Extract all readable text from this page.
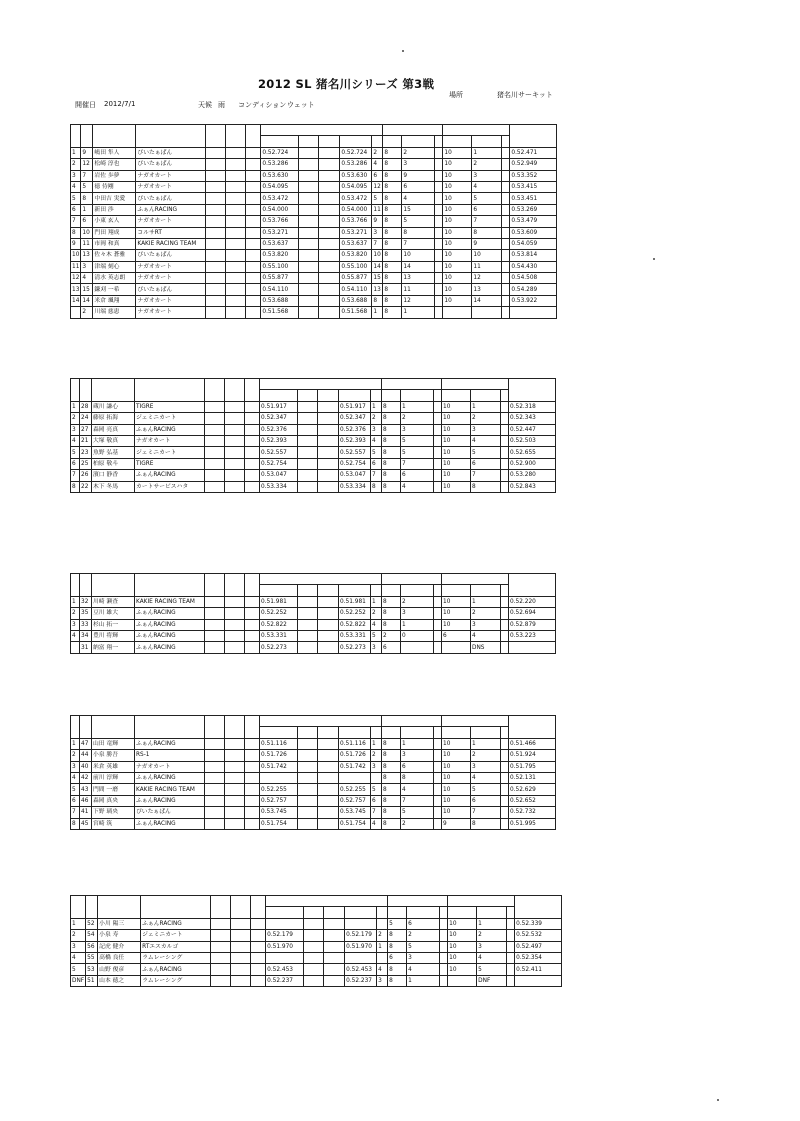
2012 SL 猪名川シリーズ 第3戦
場所	猪名川サーキット
開催日 2012/7/1	天候 雨 コンディション ウェット

1	9	嶋田 隼人	ぴいたぁぱん				0.52.724			0.52.724	2	8	2		10	1		0.52.471
2	12	松崎 淳也	ぴいたぁぱん				0.53.286			0.53.286	4	8	3		10	2		0.52.949
3	7	岩佐 歩夢	ナガオカート				0.53.630			0.53.630	6	8	9		10	3		0.53.352
4	5	徳 侍剛	ナガオカート				0.54.095			0.54.095	12	8	6		10	4		0.53.415
5	8	中田吉 実愛	ぴいたぁぱん				0.53.472			0.53.472	5	8	4		10	5		0.53.451
6	1	新田 渉	ふぁんRACING				0.54.000			0.54.000	11	8	15		10	6		0.53.269
7	6	小東 玄人	ナガオカート				0.53.766			0.53.766	9	8	5		10	7		0.53.479
8	10	門田 翔成	コルサRT				0.53.271			0.53.271	3	8	8		10	8		0.53.609
9	11	市岡 和真	KAKIE RACING TEAM				0.53.637			0.53.637	7	8	7		10	9		0.54.059
10	13	佐々木 蒼雅	ぴいたぁぱん				0.53.820			0.53.820	10	8	10		10	10		0.53.814
11	3	津端 刻心	ナガオカート				0.55.100			0.55.100	14	8	14		10	11		0.54.430
12	4	清水 英志朗	ナガオカート				0.55.877			0.55.877	15	8	13		10	12		0.54.508
13	15	鎌刈 一希	ぴいたぁぱん				0.54.110			0.54.110	13	8	11		10	13		0.54.289
14	14	米倉 颯翔	ナガオカート				0.53.688			0.53.688	8	8	12		10	14		0.53.922
	2	川端 慈恵	ナガオカート				0.51.568			0.51.568	1	8	1					

1	28	蔵川 謙心	TIGRE				0.51.917			0.51.917	1	8	1		10	1		0.52.318
2	24	藤原 拓海	ジェミニカート				0.52.347			0.52.347	2	8	2		10	2		0.52.343
3	27	森岡 亮真	ふぁんRACING				0.52.376			0.52.376	3	8	3		10	3		0.52.447
4	21	大塚 敬真	ナガオカート				0.52.393			0.52.393	4	8	5		10	4		0.52.503
5	23	魚野 弘基	ジェミニカート				0.52.557			0.52.557	5	8	5		10	5		0.52.655
6	25	柏原 敬斗	TIGRE				0.52.754			0.52.754	6	8	7		10	6		0.52.900
7	26	濱口 静香	ふぁんRACING				0.53.047			0.53.047	7	8	6		10	7		0.53.280
8	22	木下 冬馬	カートサービスハタ				0.53.334			0.53.334	8	8	4		10	8		0.52.843

1	32	川崎 瀬査	KAKIE RACING TEAM				0.51.981			0.51.981	1	8	2		10	1		0.52.220
2	35	豆川 雄大	ふぁんRACING				0.52.252			0.52.252	2	8	3		10	2		0.52.694
3	33	杉山 拓一	ふぁんRACING				0.52.822			0.52.822	4	8	1		10	3		0.52.879
4	34	豊川 将輝	ふぁんRACING				0.53.331			0.53.331	5	2	0		6	4		0.53.223
	31	納富 翔一	ふぁんRACING				0.52.273			0.52.273	3	6				DNS		

1	47	山田 竜輝	ふぁんRACING				0.51.116			0.51.116	1	8	1		10	1		0.51.466
2	44	小泉 勝吾	RS-1				0.51.726			0.51.726	2	8	3		10	2		0.51.924
3	40	米倉 英雄	ナガオカート				0.51.742			0.51.742	3	8	6		10	3		0.51.795
4	42	前川 淳輝	ふぁんRACING									8	8		10	4		0.52.131
5	43	門間 一磨	KAKIE RACING TEAM				0.52.255			0.52.255	5	8	4		10	5		0.52.629
6	46	森岡 真央	ふぁんRACING				0.52.757			0.52.757	6	8	7		10	6		0.52.652
7	41	下野 璃央	ぴいたぁぱん				0.53.745			0.53.745	7	8	5		10	7		0.52.732
8	45	宮崎 筑	ふぁんRACING				0.51.754			0.51.754	4	8	2		9	8		0.51.995

1	52	小川 陽三	ふぁんRACING									5	6		10	1		0.52.339
2	54	小泉 寿	ジェミニカート				0.52.179			0.52.179	2	8	2		10	2		0.52.532
3	56	記虎 健介	RTエスカルゴ				0.51.970			0.51.970	1	8	5		10	3		0.52.497
4	55	高橋 良任	ラムレーシング									6	3		10	4		0.52.354
5	53	山野 俊彦	ふぁんRACING				0.52.453			0.52.453	4	8	4		10	5		0.52.411
DNF	51	山本 徳之	ラムレーシング				0.52.237			0.52.237	3	8	1			DNF		
